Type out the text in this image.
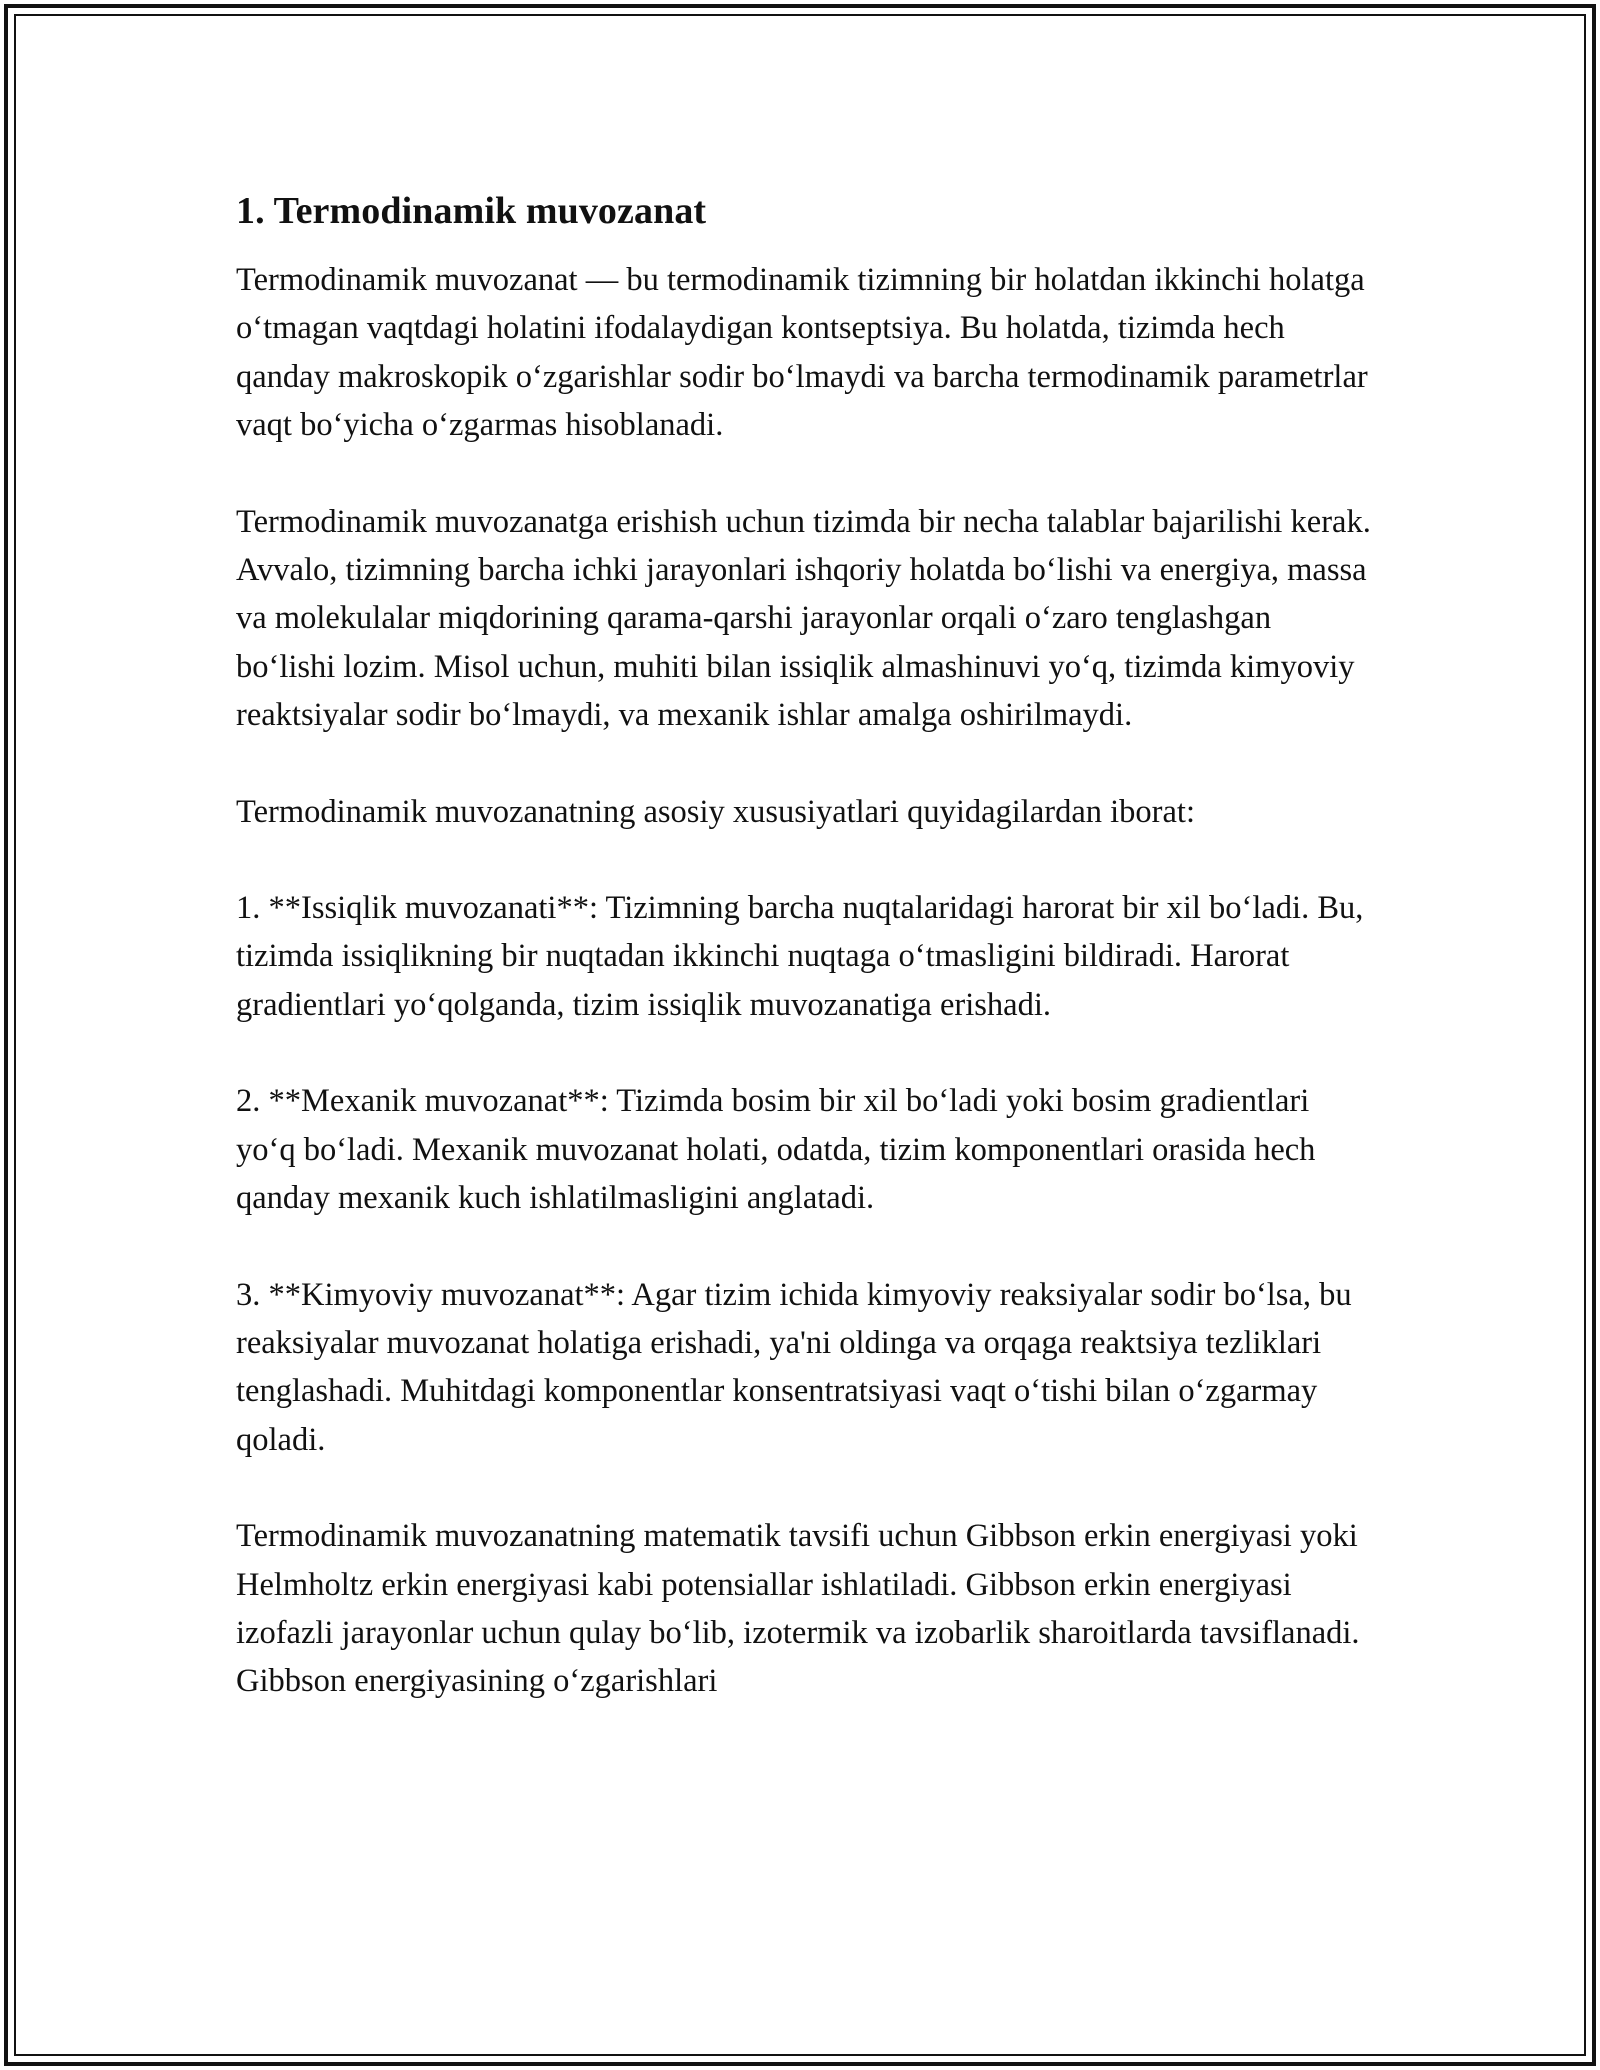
1. Termodinamik muvozanat

Termodinamik muvozanat — bu termodinamik tizimning bir holatdan ikkinchi holatga oʻtmagan vaqtdagi holatini ifodalaydigan kontseptsiya. Bu holatda, tizimda hech qanday makroskopik oʻzgarishlar sodir boʻlmaydi va barcha termodinamik parametrlar vaqt boʻyicha oʻzgarmas hisoblanadi.

Termodinamik muvozanatga erishish uchun tizimda bir necha talablar bajarilishi kerak. Avvalo, tizimning barcha ichki jarayonlari ishqoriy holatda boʻlishi va energiya, massa va molekulalar miqdorining qarama-qarshi jarayonlar orqali oʻzaro tenglashgan boʻlishi lozim. Misol uchun, muhiti bilan issiqlik almashinuvi yoʻq, tizimda kimyoviy reaktsiyalar sodir boʻlmaydi, va mexanik ishlar amalga oshirilmaydi.

Termodinamik muvozanatning asosiy xususiyatlari quyidagilardan iborat:

1. **Issiqlik muvozanati**: Tizimning barcha nuqtalaridagi harorat bir xil boʻladi. Bu, tizimda issiqlikning bir nuqtadan ikkinchi nuqtaga oʻtmasligini bildiradi. Harorat gradientlari yoʻqolganda, tizim issiqlik muvozanatiga erishadi.

2. **Mexanik muvozanat**: Tizimda bosim bir xil boʻladi yoki bosim gradientlari yoʻq boʻladi. Mexanik muvozanat holati, odatda, tizim komponentlari orasida hech qanday mexanik kuch ishlatilmasligini anglatadi.

3. **Kimyoviy muvozanat**: Agar tizim ichida kimyoviy reaksiyalar sodir boʻlsa, bu reaksiyalar muvozanat holatiga erishadi, ya'ni oldinga va orqaga reaktsiya tezliklari tenglashadi. Muhitdagi komponentlar konsentratsiyasi vaqt oʻtishi bilan oʻzgarmay qoladi.

Termodinamik muvozanatning matematik tavsifi uchun Gibbson erkin energiyasi yoki Helmholtz erkin energiyasi kabi potensiallar ishlatiladi. Gibbson erkin energiyasi izofazli jarayonlar uchun qulay boʻlib, izotermik va izobarlik sharoitlarda tavsiflanadi. Gibbson energiyasining oʻzgarishlari
